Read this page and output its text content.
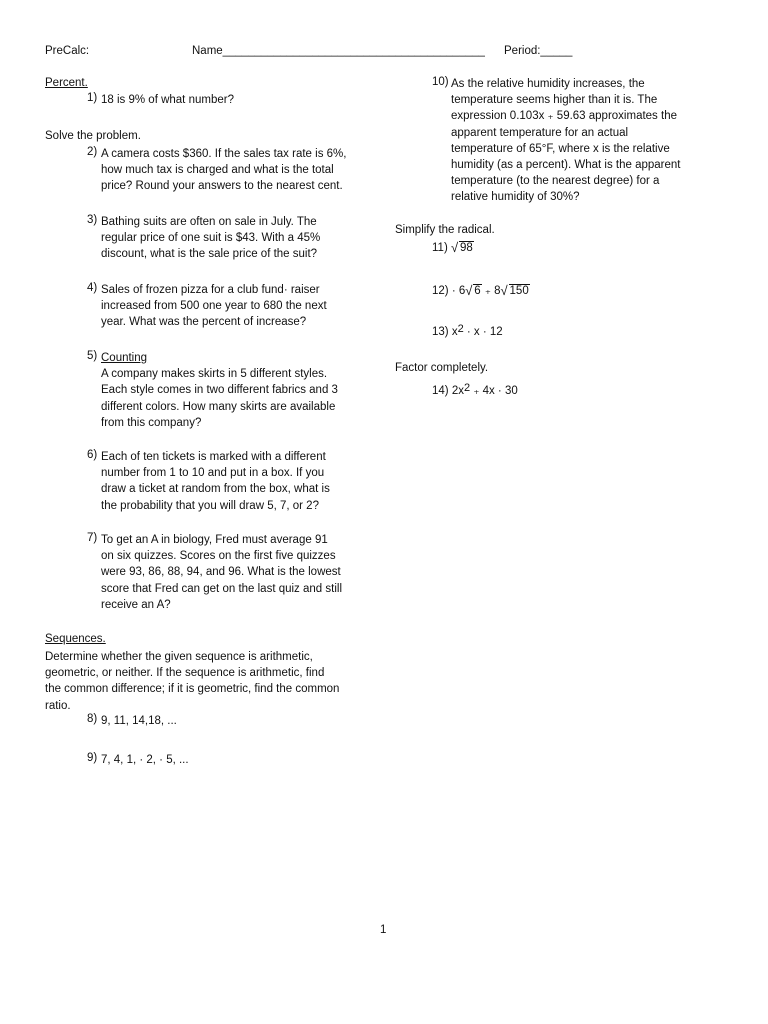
PreCalc:	Name_________________________________________ Period:_____
Percent.
1) 18 is 9% of what number?
Solve the problem.
2) A camera costs $360. If the sales tax rate is 6%,
how much tax is charged and what is the total
price? Round your answers to the nearest cent.
3) Bathing suits are often on sale in July. The
regular price of one suit is $43. With a 45%
discount, what is the sale price of the suit?
4) Sales of frozen pizza for a club fund· raiser
increased from 500 one year to 680 the next
year. What was the percent of increase?
5) Counting
A company makes skirts in 5 different styles.
Each style comes in two different fabrics and 3
different colors. How many skirts are available
from this company?
6) Each of ten tickets is marked with a different
number from 1 to 10 and put in a box. If you
draw a ticket at random from the box, what is
the probability that you will draw 5, 7, or 2?
7) To get an A in biology, Fred must average 91
on six quizzes. Scores on the first five quizzes
were 93, 86, 88, 94, and 96. What is the lowest
score that Fred can get on the last quiz and still
receive an A?
Sequences.
Determine whether the given sequence is arithmetic,
geometric, or neither. If the sequence is arithmetic, find
the common difference; if it is geometric, find the common
ratio.
8) 9, 11, 14,18, ...
9) 7, 4, 1, · 2, · 5, ...
10) As the relative humidity increases, the
temperature seems higher than it is. The
expression 0.103x ₊ 59.63 approximates the
apparent temperature for an actual
temperature of 65°F, where x is the relative
humidity (as a percent). What is the apparent
temperature (to the nearest degree) for a
relative humidity of 30%?
Simplify the radical.
11) √ 98
12) · 6 √ 6 ₊ 8 √ 150
13) $x^2 \cdot x \cdot 12$
Factor completely.
14) $2x^2$ ₊ 4x · 30
1
